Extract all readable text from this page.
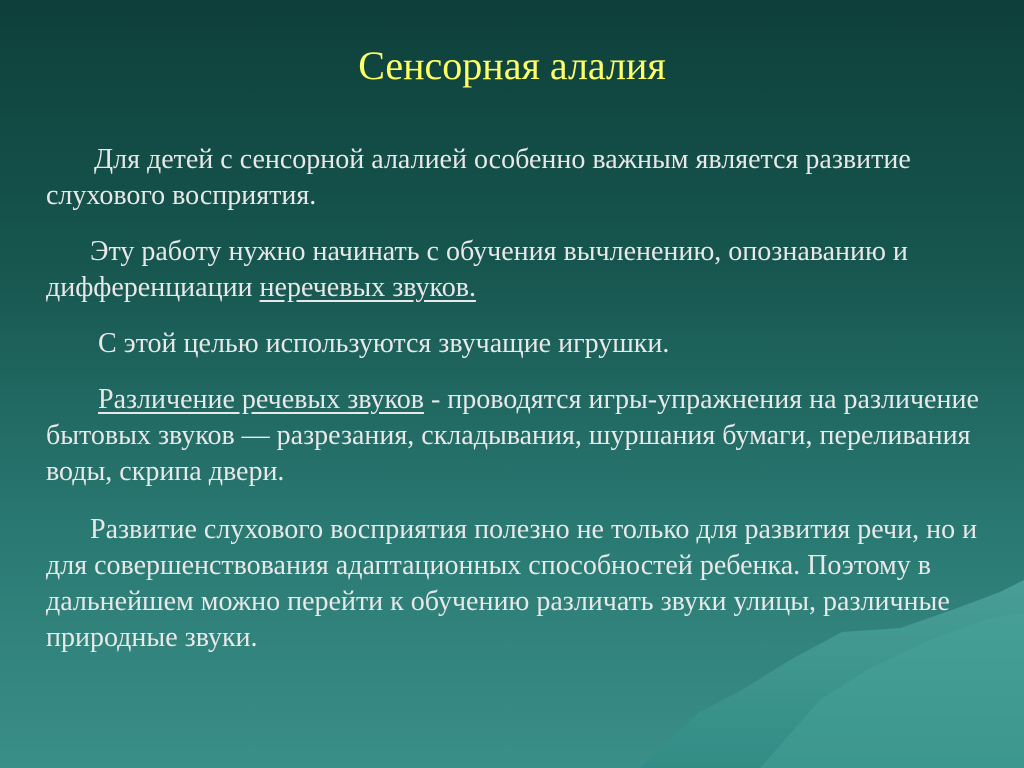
Сенсорная алалия

Для детей с сенсорной алалией особенно важным является развитие слухового восприятия.

Эту работу нужно начинать с обучения вычленению, опознаванию и дифференциации неречевых звуков.

С этой целью используются звучащие игрушки.

Различение речевых звуков - проводятся игры-упражнения на различение бытовых звуков — разрезания, складывания, шуршания бумаги, переливания воды, скрипа двери.

Развитие слухового восприятия полезно не только для развития речи, но и для совершенствования адаптационных способностей ребенка. Поэтому в дальнейшем можно перейти к обучению различать звуки улицы, различные природные звуки.
